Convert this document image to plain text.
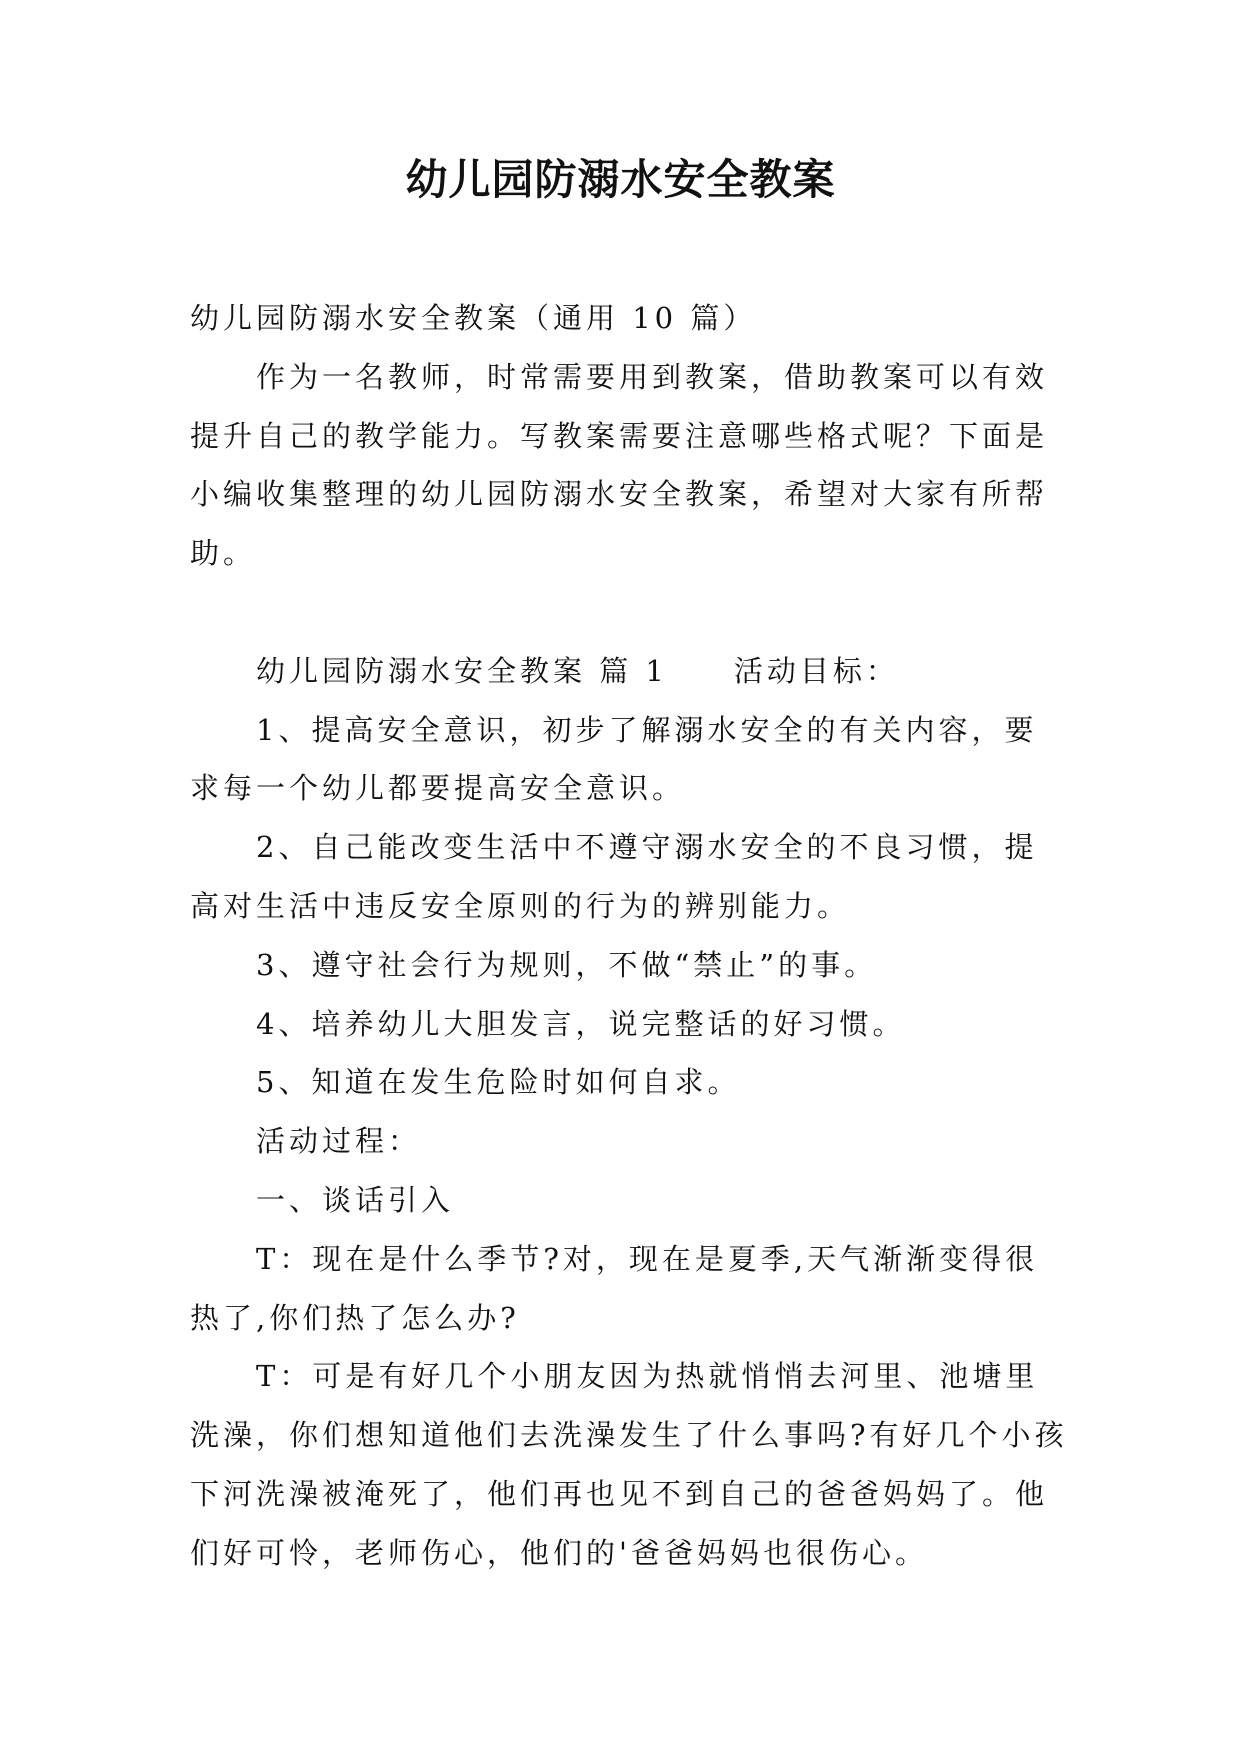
幼儿园防溺水安全教案

幼儿园防溺水安全教案（通用 10 篇）

作为一名教师，时常需要用到教案，借助教案可以有效提升自己的教学能力。写教案需要注意哪些格式呢？下面是小编收集整理的幼儿园防溺水安全教案，希望对大家有所帮助。

幼儿园防溺水安全教案 篇 1 活动目标：

1、提高安全意识，初步了解溺水安全的有关内容，要求每一个幼儿都要提高安全意识。

2、自己能改变生活中不遵守溺水安全的不良习惯，提高对生活中违反安全原则的行为的辨别能力。

3、遵守社会行为规则，不做“禁止”的事。

4、培养幼儿大胆发言，说完整话的好习惯。

5、知道在发生危险时如何自求。

活动过程：

一、谈话引入

T：现在是什么季节?对，现在是夏季,天气渐渐变得很热了,你们热了怎么办?

T：可是有好几个小朋友因为热就悄悄去河里、池塘里洗澡，你们想知道他们去洗澡发生了什么事吗?有好几个小孩下河洗澡被淹死了，他们再也见不到自己的爸爸妈妈了。他们好可怜，老师伤心，他们的'爸爸妈妈也很伤心。
